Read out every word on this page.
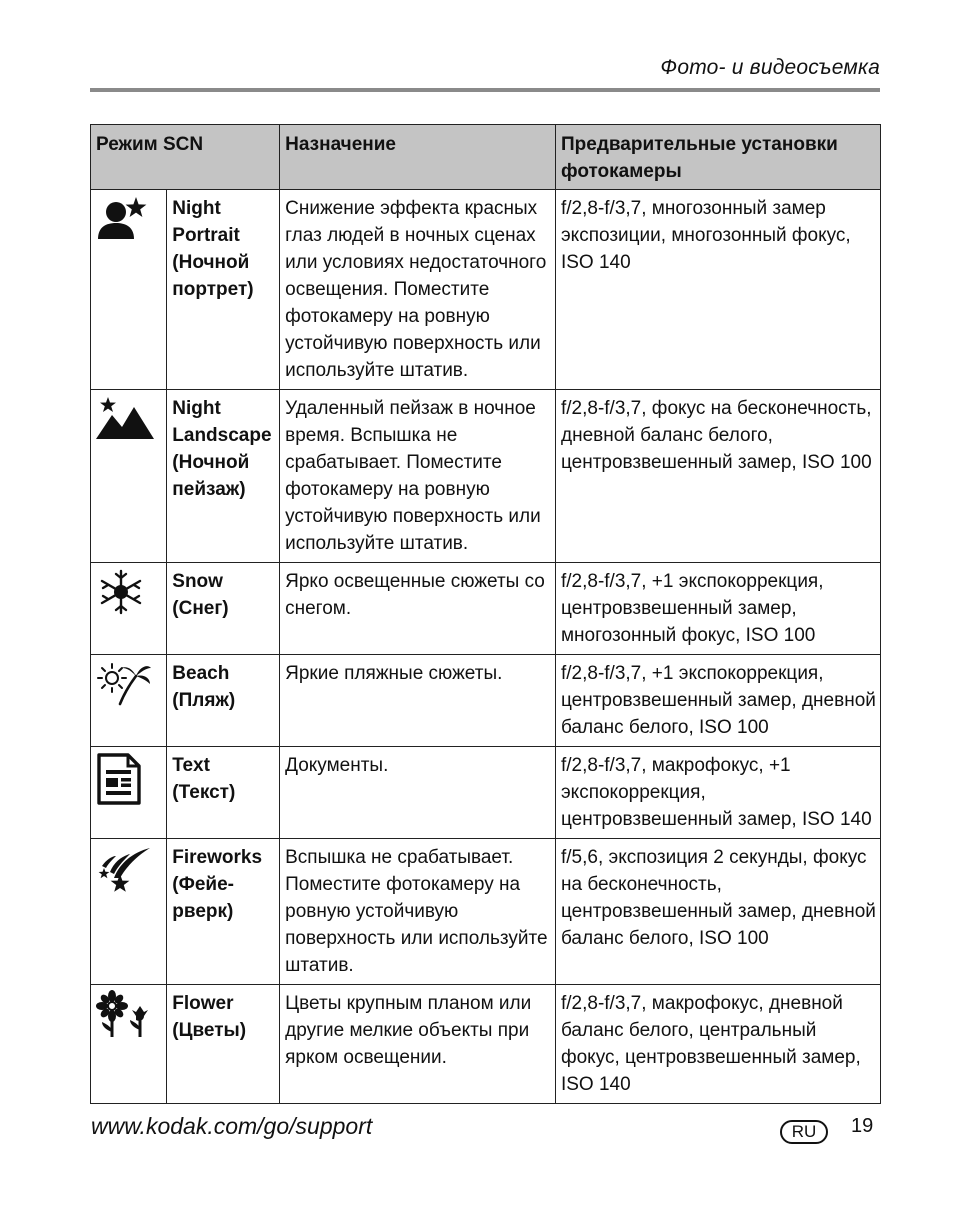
Фото- и видеосъемка
Режим SCN		Назначение	Предварительные установки фотокамеры

	Night Portrait (Ночной портрет)	Снижение эффекта красных глаз людей в ночных сценах или условиях недостаточного освещения. Поместите фотокамеру на ровную устойчивую поверхность или используйте штатив.	f/2,8-f/3,7, многозонный замер экспозиции, многозонный фокус, ISO 140

	Night Landscape (Ночной пейзаж)	Удаленный пейзаж в ночное время. Вспышка не срабатывает. Поместите фотокамеру на ровную устойчивую поверхность или используйте штатив.	f/2,8-f/3,7, фокус на бесконечность, дневной баланс белого, центровзвешенный замер, ISO 100

	Snow (Снег)	Ярко освещенные сюжеты со снегом.	f/2,8-f/3,7, +1 экспокоррекция, центровзвешенный замер, многозонный фокус, ISO 100

	Beach (Пляж)	Яркие пляжные сюжеты.	f/2,8-f/3,7, +1 экспокоррекция, центровзвешенный замер, дневной баланс белого, ISO 100

	Text (Текст)	Документы.	f/2,8-f/3,7, макрофокус, +1 экспокоррекция, центровзвешенный замер, ISO 140

	Fireworks (Фейе-рверк)	Вспышка не срабатывает. Поместите фотокамеру на ровную устойчивую поверхность или используйте штатив.	f/5,6, экспозиция 2 секунды, фокус на бесконечность, центровзвешенный замер, дневной баланс белого, ISO 100

	Flower (Цветы)	Цветы крупным планом или другие мелкие объекты при ярком освещении.	f/2,8-f/3,7, макрофокус, дневной баланс белого, центральный фокус, центровзвешенный замер, ISO 140
www.kodak.com/go/support	RU	19
